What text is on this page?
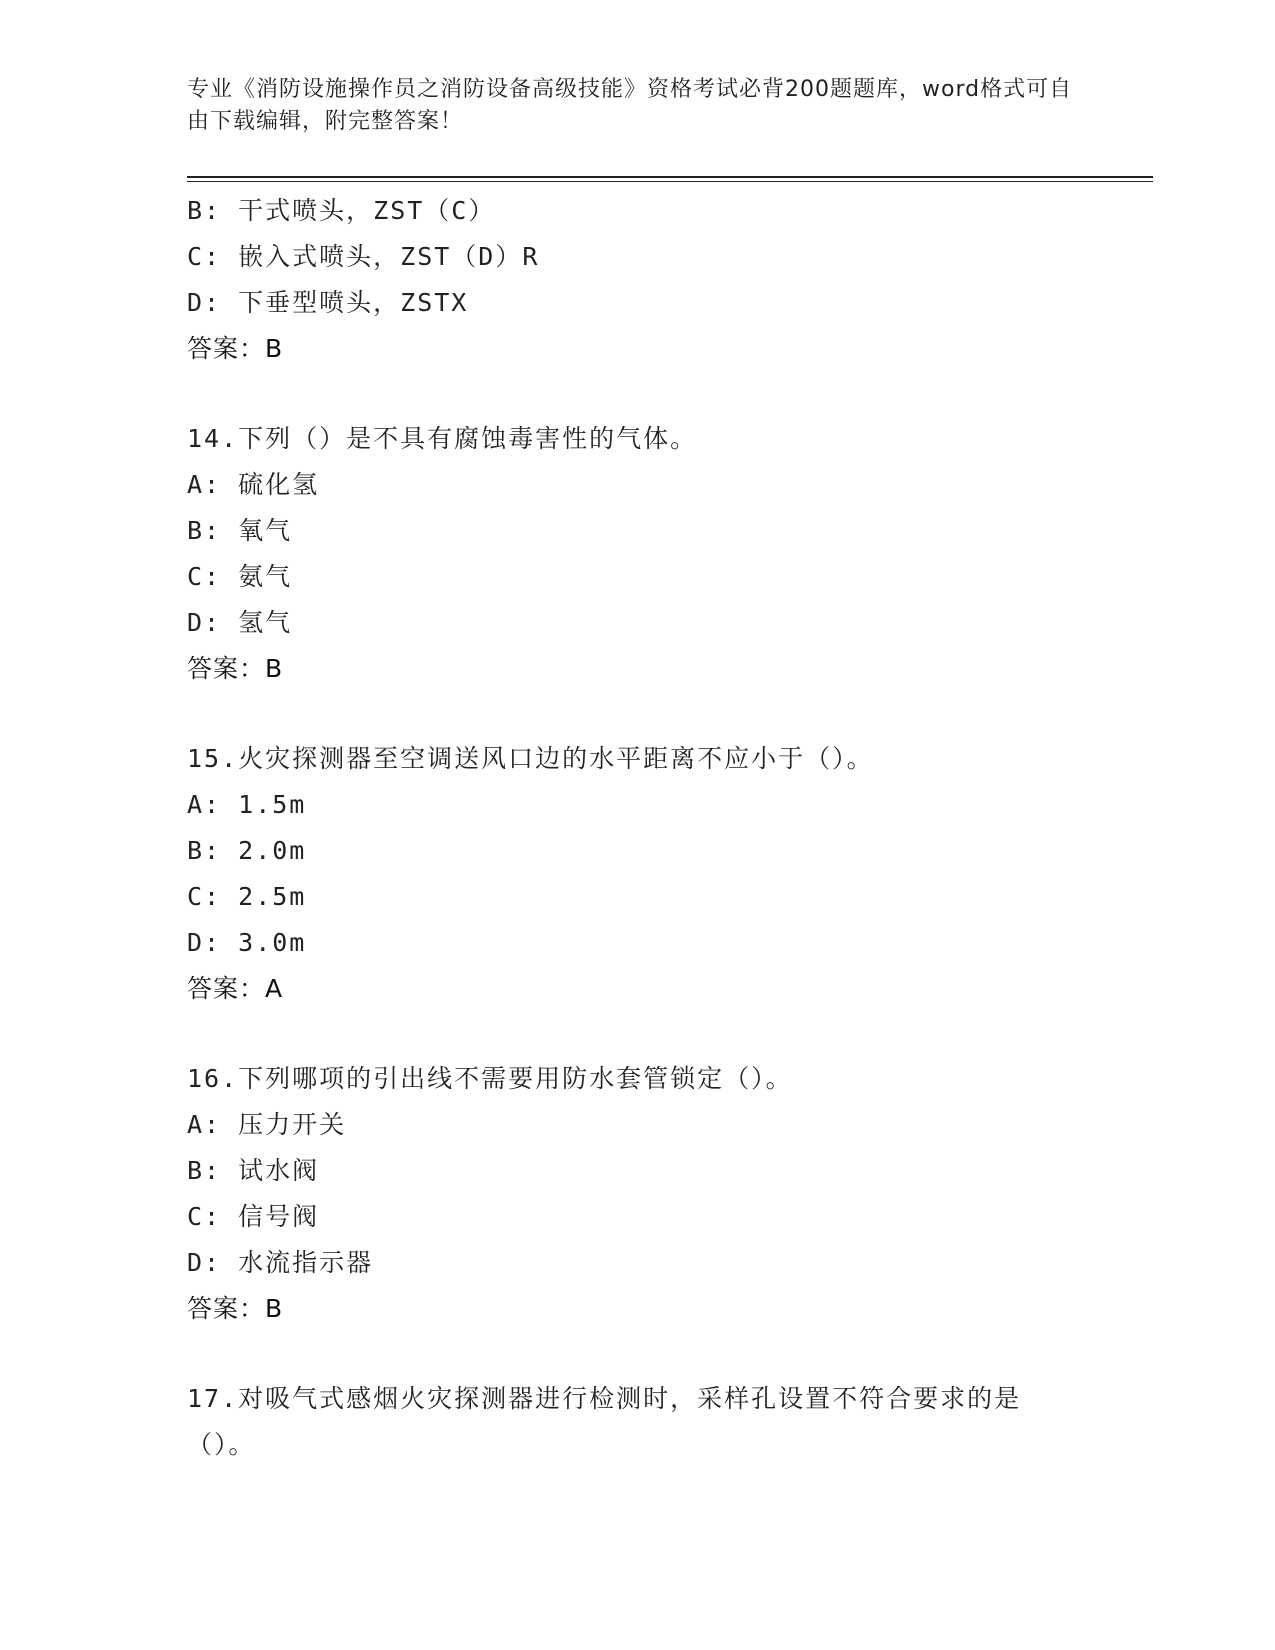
专业《消防设施操作员之消防设备高级技能》资格考试必背200题题库，word格式可自由下载编辑，附完整答案！
B: 干式喷头，ZST（C）
C: 嵌入式喷头，ZST（D）R
D: 下垂型喷头，ZSTX
答案：B
14.下列（）是不具有腐蚀毒害性的气体。
A: 硫化氢
B: 氧气
C: 氨气
D: 氢气
答案：B
15.火灾探测器至空调送风口边的水平距离不应小于（）。
A: 1.5m
B: 2.0m
C: 2.5m
D: 3.0m
答案：A
16.下列哪项的引出线不需要用防水套管锁定（）。
A: 压力开关
B: 试水阀
C: 信号阀
D: 水流指示器
答案：B
17.对吸气式感烟火灾探测器进行检测时，采样孔设置不符合要求的是
（）。
